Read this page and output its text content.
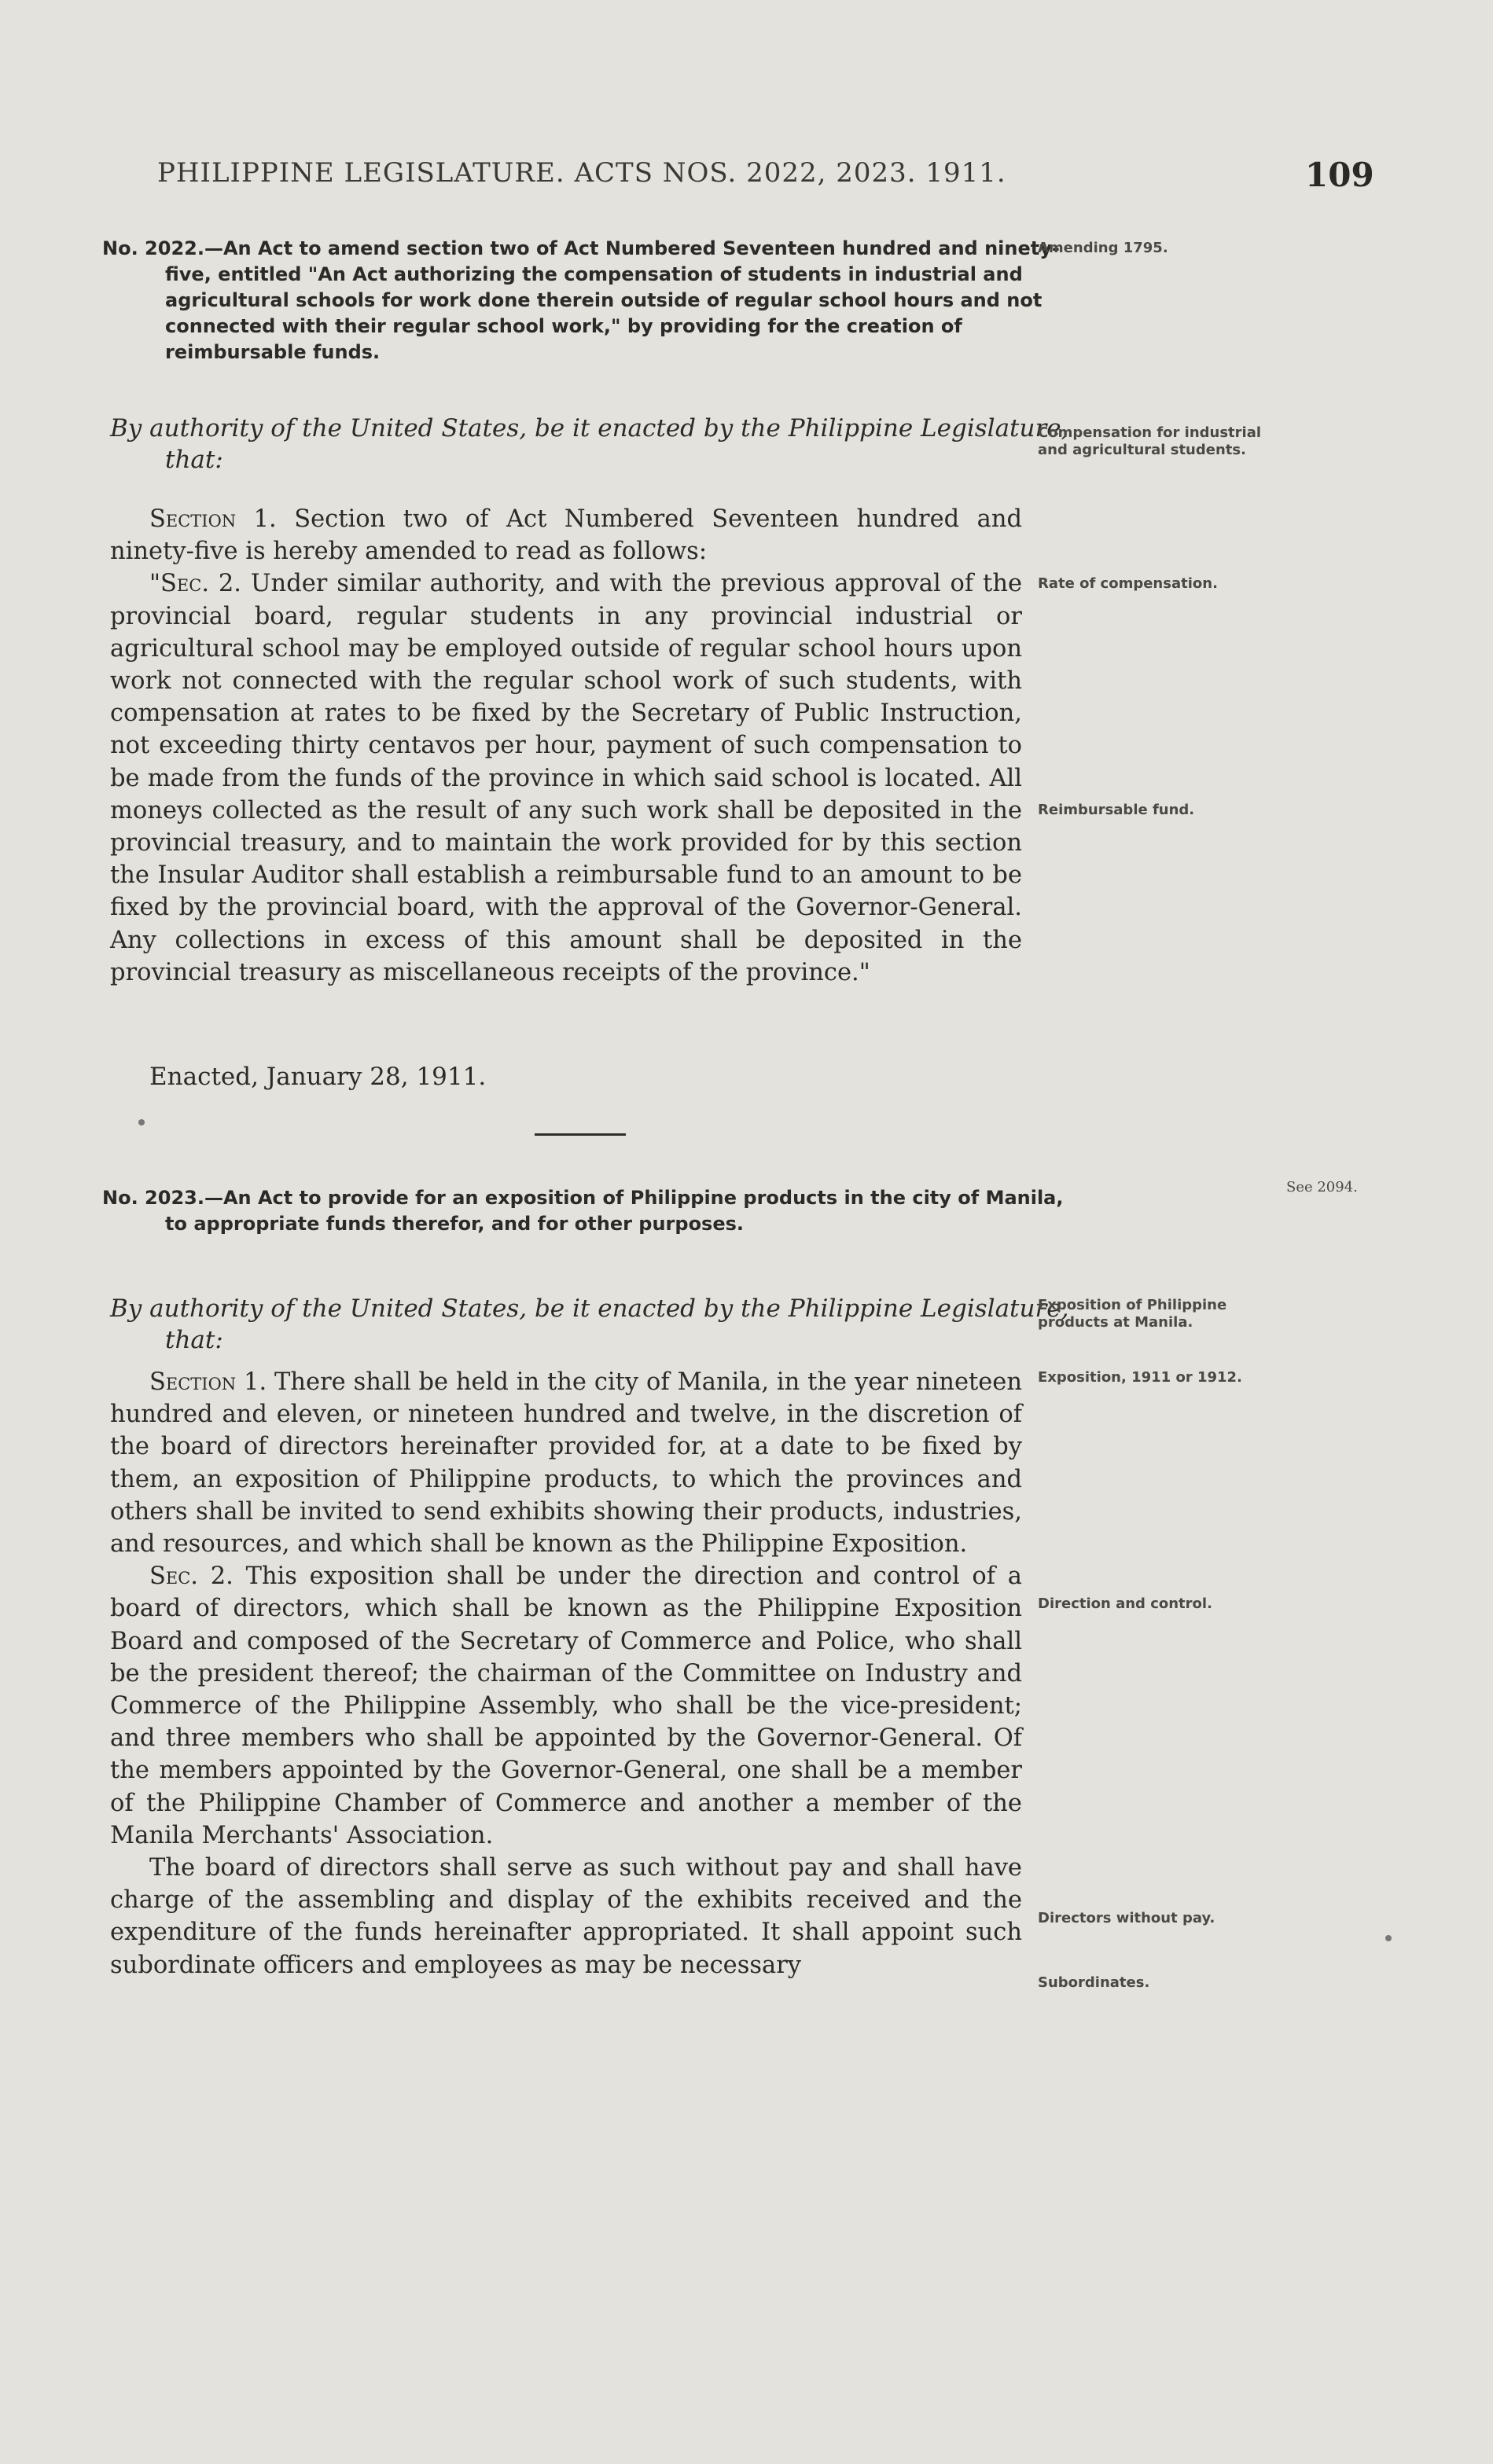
PHILIPPINE LEGISLATURE. ACTS NOS. 2022, 2023. 1911.	109
No. 2022.—An Act to amend section two of Act Numbered Seventeen hundred and ninety-five, entitled "An Act authorizing the compensation of students in industrial and agricultural schools for work done therein outside of regular school hours and not connected with their regular school work," by providing for the creation of reimbursable funds.
Amending 1795.
By authority of the United States, be it enacted by the Philippine Legislature, that:
Compensation for industrial and agricultural students.

Section 1. Section two of Act Numbered Seventeen hundred and ninety-five is hereby amended to read as follows:

"Sec. 2. Under similar authority, and with the previous approval of the provincial board, regular students in any provincial industrial or agricultural school may be employed outside of regular school hours upon work not connected with the regular school work of such students, with compensation at rates to be fixed by the Secretary of Public Instruction, not exceeding thirty centavos per hour, payment of such compensation to be made from the funds of the province in which said school is located. All moneys collected as the result of any such work shall be deposited in the provincial treasury, and to maintain the work provided for by this section the Insular Auditor shall establish a reimbursable fund to an amount to be fixed by the provincial board, with the approval of the Governor-General. Any collections in excess of this amount shall be deposited in the provincial treasury as miscellaneous receipts of the province."

Rate of compensation.
Reimbursable fund.
Enacted, January 28, 1911.
No. 2023.—An Act to provide for an exposition of Philippine products in the city of Manila, to appropriate funds therefor, and for other purposes.
See 2094.
By authority of the United States, be it enacted by the Philippine Legislature, that:
Exposition of Philippine products at Manila.

Section 1. There shall be held in the city of Manila, in the year nineteen hundred and eleven, or nineteen hundred and twelve, in the discretion of the board of directors hereinafter provided for, at a date to be fixed by them, an exposition of Philippine products, to which the provinces and others shall be invited to send exhibits showing their products, industries, and resources, and which shall be known as the Philippine Exposition.

Sec. 2. This exposition shall be under the direction and control of a board of directors, which shall be known as the Philippine Exposition Board and composed of the Secretary of Commerce and Police, who shall be the president thereof; the chairman of the Committee on Industry and Commerce of the Philippine Assembly, who shall be the vice-president; and three members who shall be appointed by the Governor-General. Of the members appointed by the Governor-General, one shall be a member of the Philippine Chamber of Commerce and another a member of the Manila Merchants' Association.

The board of directors shall serve as such without pay and shall have charge of the assembling and display of the exhibits received and the expenditure of the funds hereinafter appropriated. It shall appoint such subordinate officers and employees as may be necessary

Exposition, 1911 or 1912.
Direction and control.
Directors without pay.
Subordinates.
